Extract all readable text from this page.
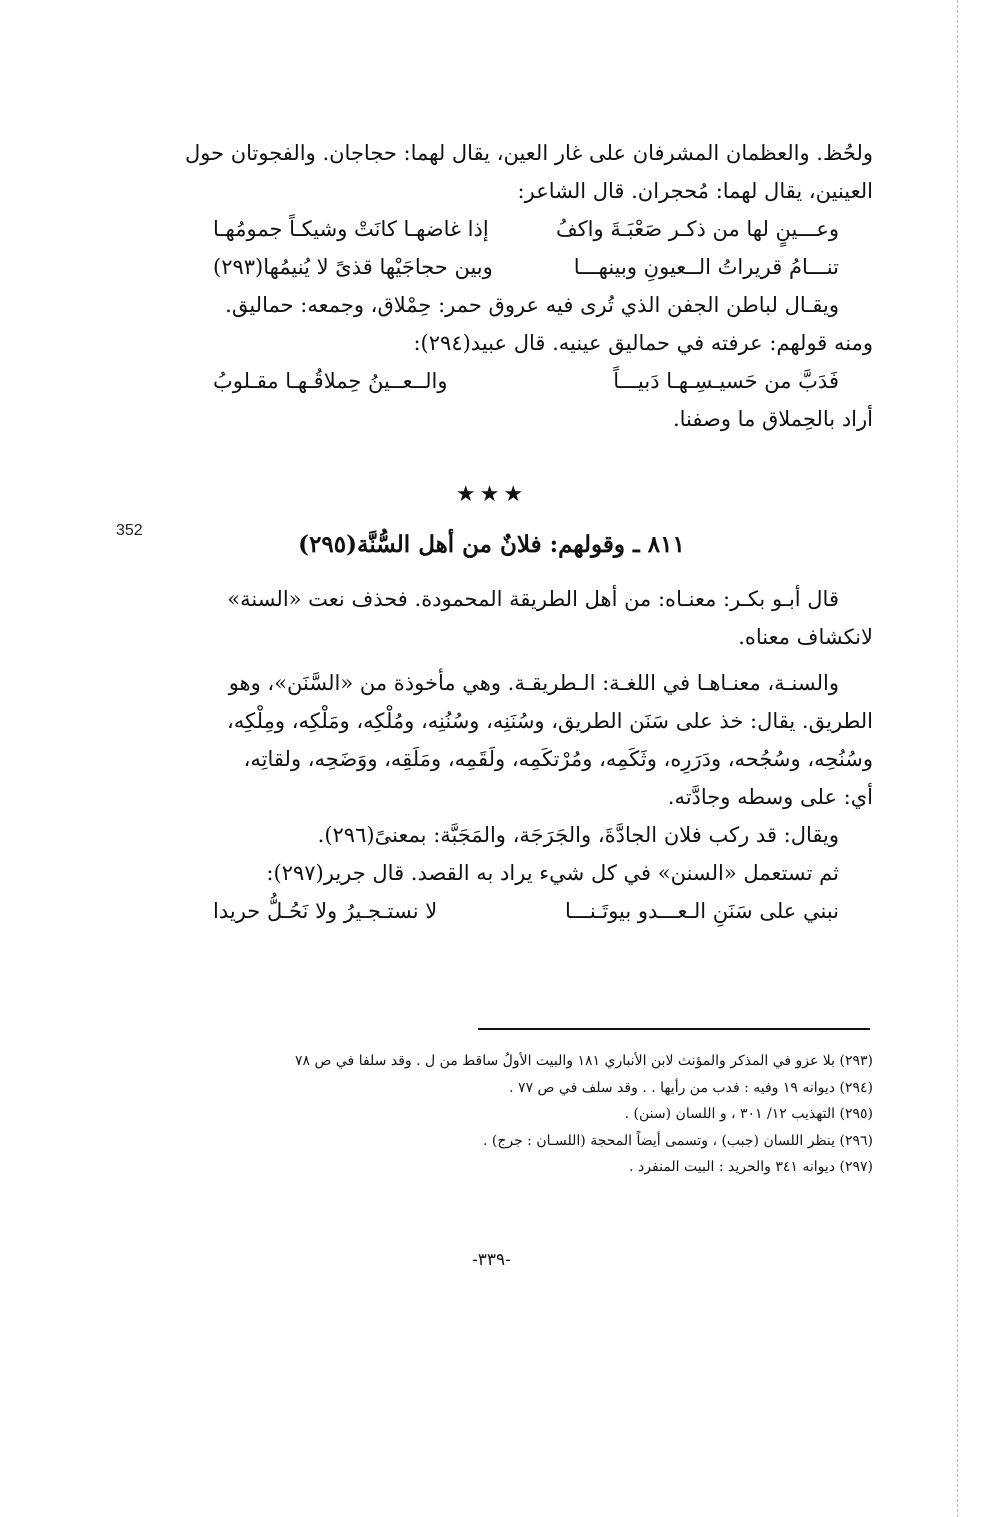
352
ولحُظ. والعظمان المشرفان على غار العين، يقال لهما: حجاجان. والفجوتان حول
العينين، يقال لهما: مُحجران. قال الشاعر:
وعـــينٍ لها من ذكـر صَعْبَـةَ واكفُ
إذا غاضهـا كانَتْ وشيكـاً جمومُهـا
تنـــامُ قريراتُ الــعيونِ وبينهـــا
وبين حجاجَيْها قذىً لا يُنيمُها(٢٩٣)
ويقـال لباطن الجفن الذي تُرى فيه عروق حمر: حِمْلاق، وجمعه: حماليق.
ومنه قولهم: عرفته في حماليق عينيه. قال عبيد(٢٩٤):
فَدَبَّ من حَسيـسِـهـا دَبيـــاً
والــعــينُ حِملاقُـهـا مقـلوبُ
أراد بالحِملاق ما وصفنا.
★★★
٨١١ ـ وقولهم: فلانٌ من أهل السُّنَّة(٢٩٥)
قال أبـو بكـر: معنـاه: من أهل الطريقة المحمودة. فحذف نعت «السنة»
لانكشاف معناه.
والسنـة، معنـاهـا في اللغـة: الـطريقـة. وهي مأخوذة من «السَّنَن»، وهو
الطريق. يقال: خذ على سَنَن الطريق، وسُنَنِه، وسُنُنِه، ومُلْكِه، ومَلْكِه، ومِلْكِه،
وسُنُحِه، وسُجُحه، ودَرَرِه، وثَكَمِه، ومُرْتكَمِه، ولَقَمِه، ومَلَقِه، ووَضَحِه، ولقاتِه،
أي: على وسطه وجادَّته.
ويقال: قد ركب فلان الجادَّةَ، والجَرَجَة، والمَجَبَّة: بمعنىً(٢٩٦).
ثم تستعمل «السنن» في كل شيء يراد به القصد. قال جرير(٢٩٧):
نبني على سَنَنِ الـعـــدو بيوتَـنـــا
لا نستـجـيرُ ولا نَحُـلُّ حريدا
(٢٩٣) بلا عزو في المذكر والمؤنث لابن الأنباري ١٨١ والبيت الأولُ ساقط من ل . وقد سلفا في ص ٧٨
(٢٩٤) ديوانه ١٩ وفيه : فدب من رأيها . . وقد سلف في ص ٧٧ .
(٢٩٥) التهذيب ١٢/ ٣٠١ ، و اللسان (سنن) .
(٢٩٦) ينظر اللسان (جبب) ، وتسمى أيضاً المحجة (اللسـان : جرج) .
(٢٩٧) ديوانه ٣٤١ والحريد : البيت المنفرد .
-٣٣٩-
